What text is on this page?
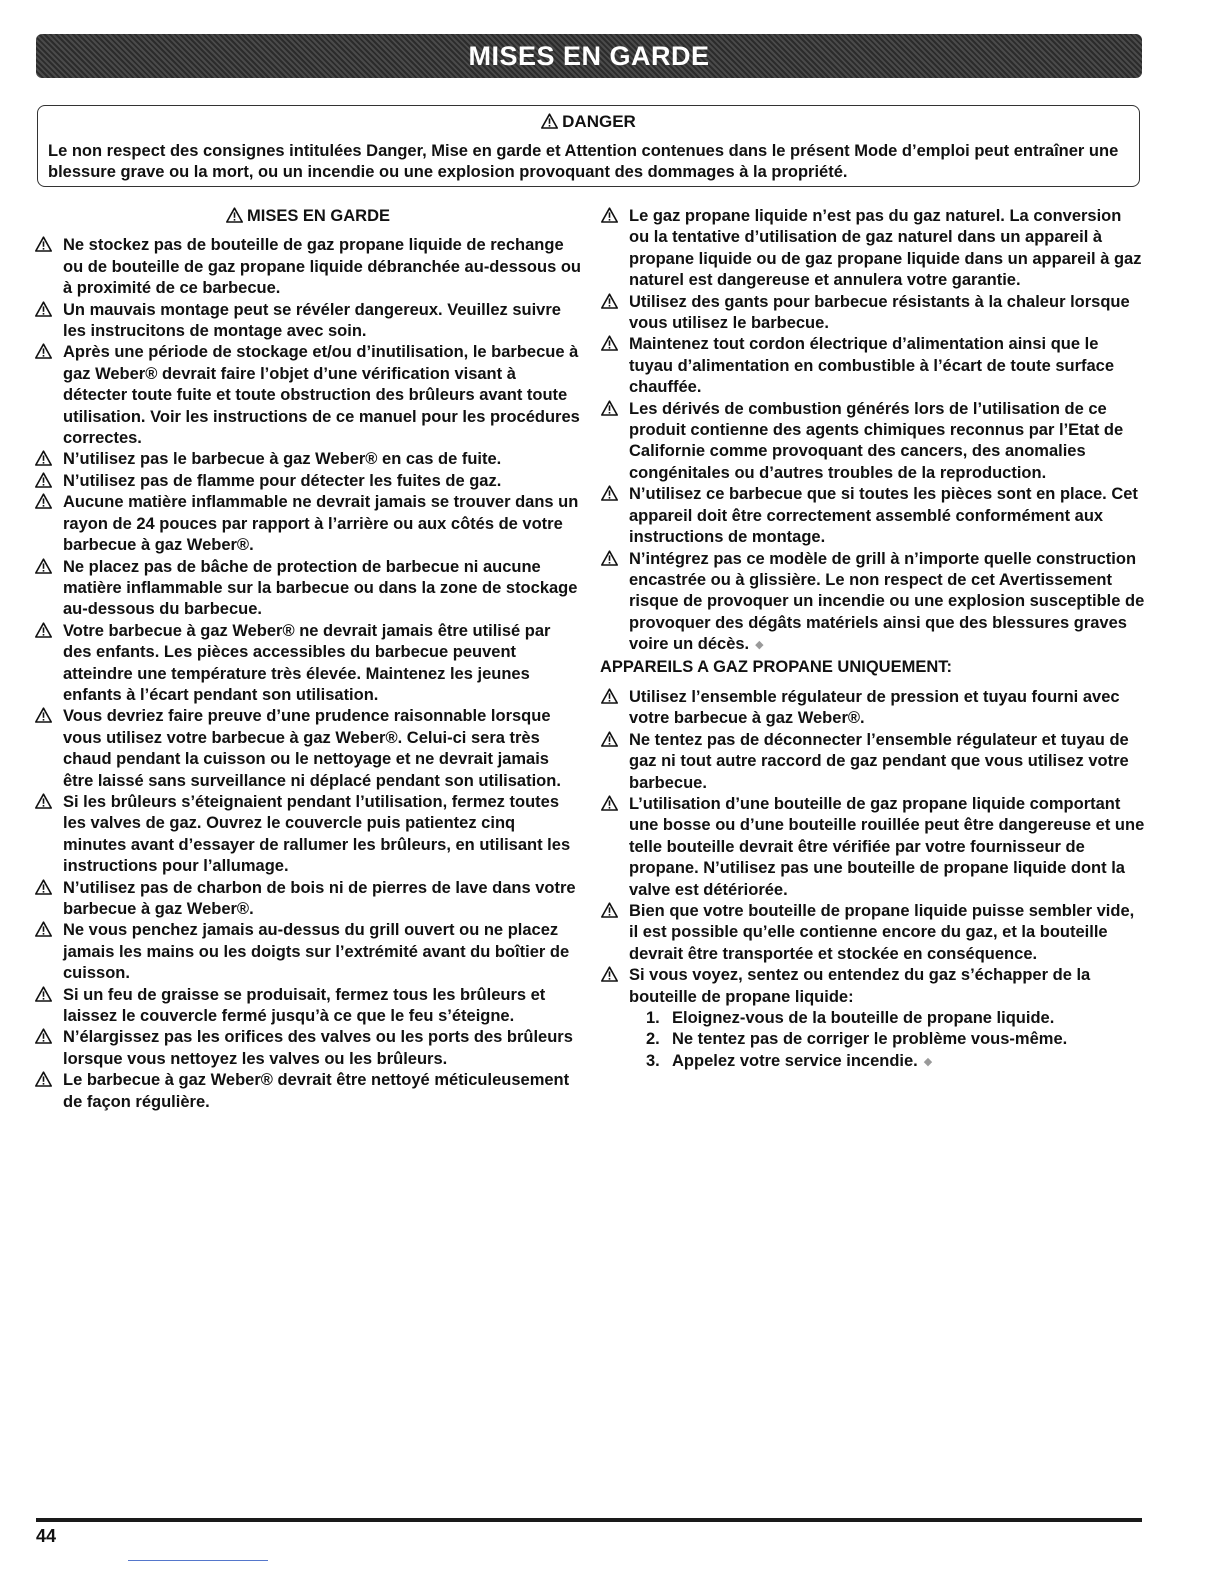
MISES EN GARDE
DANGER
Le non respect des consignes intitulées Danger, Mise en garde et Attention contenues dans le présent Mode d’emploi peut entraîner une blessure grave ou la mort, ou un incendie ou une explosion provoquant des dommages à la propriété.
MISES EN GARDE
Ne stockez pas de bouteille de gaz propane liquide de rechange ou de bouteille de gaz propane liquide débranchée au-dessous ou à proximité de ce barbecue.
Un mauvais montage peut se révéler dangereux. Veuillez suivre les instrucitons de montage avec soin.
Après une période de stockage et/ou d’inutilisation, le barbecue à gaz Weber® devrait faire l’objet d’une vérification visant à détecter toute fuite et toute obstruction des brûleurs avant toute utilisation. Voir les instructions de ce manuel pour les procédures correctes.
N’utilisez pas le barbecue à gaz Weber® en cas de fuite.
N’utilisez pas de flamme pour détecter les fuites de gaz.
Aucune matière inflammable ne devrait jamais se trouver dans un rayon de 24 pouces par rapport à l’arrière ou aux côtés de votre barbecue à gaz Weber®.
Ne placez pas de bâche de protection de barbecue ni aucune matière inflammable sur la barbecue ou dans la zone de stockage au-dessous du barbecue.
Votre barbecue à gaz Weber® ne devrait jamais être utilisé par des enfants. Les pièces accessibles du barbecue peuvent atteindre une température très élevée. Maintenez les jeunes enfants à l’écart pendant son utilisation.
Vous devriez faire preuve d’une prudence raisonnable lorsque vous utilisez votre barbecue à gaz Weber®. Celui-ci sera très chaud pendant la cuisson ou le nettoyage et ne devrait jamais être laissé sans surveillance ni déplacé pendant son utilisation.
Si les brûleurs s’éteignaient pendant l’utilisation, fermez toutes les valves de gaz. Ouvrez le couvercle puis patientez cinq minutes avant d’essayer de rallumer les brûleurs, en utilisant les instructions pour l’allumage.
N’utilisez pas de charbon de bois ni de pierres de lave dans votre barbecue à gaz Weber®.
Ne vous penchez jamais au-dessus du grill ouvert ou ne placez jamais les mains ou les doigts sur l’extrémité avant du boîtier de cuisson.
Si un feu de graisse se produisait, fermez tous les brûleurs et laissez le couvercle fermé jusqu’à ce que le feu s’éteigne.
N’élargissez pas les orifices des valves ou les ports des brûleurs lorsque vous nettoyez les valves ou les brûleurs.
Le barbecue à gaz Weber® devrait être nettoyé méticuleusement de façon régulière.
Le gaz propane liquide n’est pas du gaz naturel. La conversion ou la tentative d’utilisation de gaz naturel dans un appareil à propane liquide ou de gaz propane liquide dans un appareil à gaz naturel est dangereuse et annulera votre garantie.
Utilisez des gants pour barbecue résistants à la chaleur lorsque vous utilisez le barbecue.
Maintenez tout cordon électrique d’alimentation ainsi que le tuyau d’alimentation en combustible à l’écart de toute surface chauffée.
Les dérivés de combustion générés lors de l’utilisation de ce produit contienne des agents chimiques reconnus par l’Etat de Californie comme provoquant des cancers, des anomalies congénitales ou d’autres troubles de la reproduction.
N’utilisez ce barbecue que si toutes les pièces sont en place. Cet appareil doit être correctement assemblé conformément aux instructions de montage.
N’intégrez pas ce modèle de grill à n’importe quelle construction encastrée ou à glissière. Le non respect de cet Avertissement risque de provoquer un incendie ou une explosion susceptible de provoquer des dégâts matériels ainsi que des blessures graves voire un décès. ◆
APPAREILS A GAZ PROPANE UNIQUEMENT:
Utilisez l’ensemble régulateur de pression et tuyau fourni avec votre barbecue à gaz Weber®.
Ne tentez pas de déconnecter l’ensemble régulateur et tuyau de gaz ni tout autre raccord de gaz pendant que vous utilisez votre barbecue.
L’utilisation d’une bouteille de gaz propane liquide comportant une bosse ou d’une bouteille rouillée peut être dangereuse et une telle bouteille devrait être vérifiée par votre fournisseur de propane. N’utilisez pas une bouteille de propane liquide dont la valve est détériorée.
Bien que votre bouteille de propane liquide puisse sembler vide, il est possible qu’elle contienne encore du gaz, et la bouteille devrait être transportée et stockée en conséquence.
Si vous voyez, sentez ou entendez du gaz s’échapper de la bouteille de propane liquide:
1. Eloignez-vous de la bouteille de propane liquide.
2. Ne tentez pas de corriger le problème vous-même.
3. Appelez votre service incendie. ◆
44
